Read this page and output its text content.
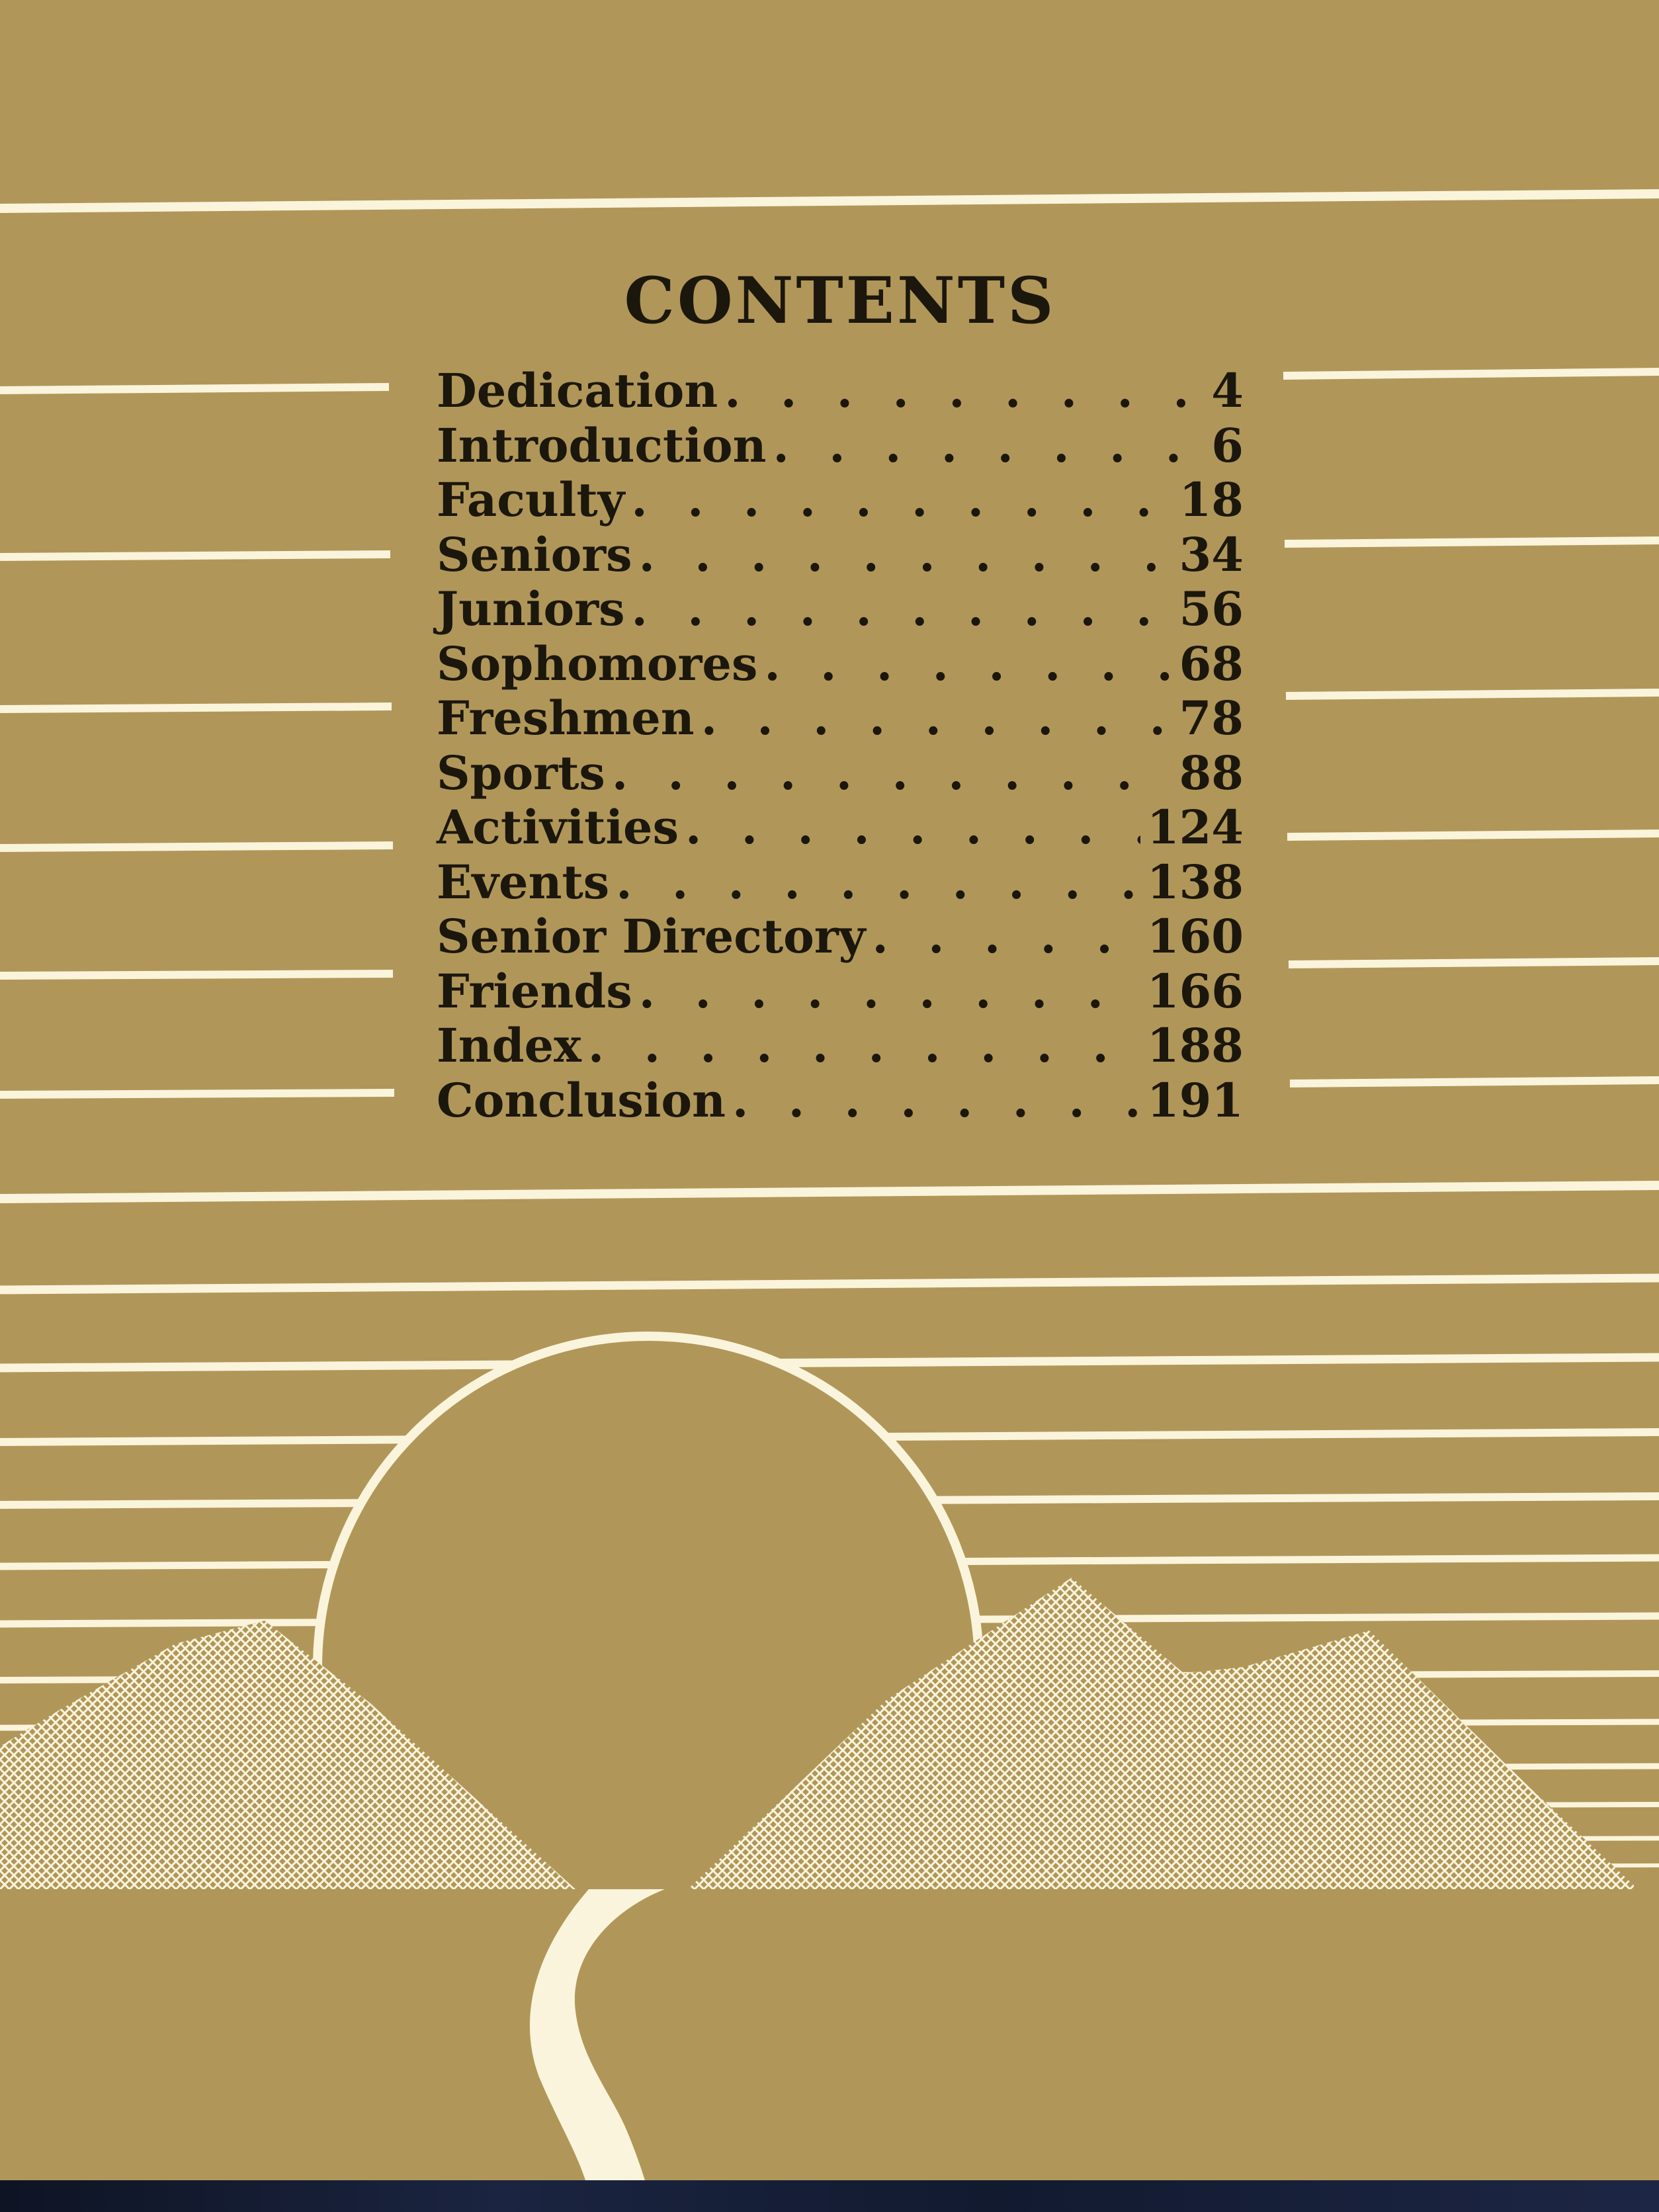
CONTENTS
Dedication . . .	4
Introduction . . .	6
Faculty . . .	18
Seniors . . .	34
Juniors . . .	56
Sophomores . . .	68
Freshmen . . .	78
Sports . . .	88
Activities . . .	124
Events . . .	138
Senior Directory . . .	160
Friends . . .	166
Index . . .	188
Conclusion . . .	191
